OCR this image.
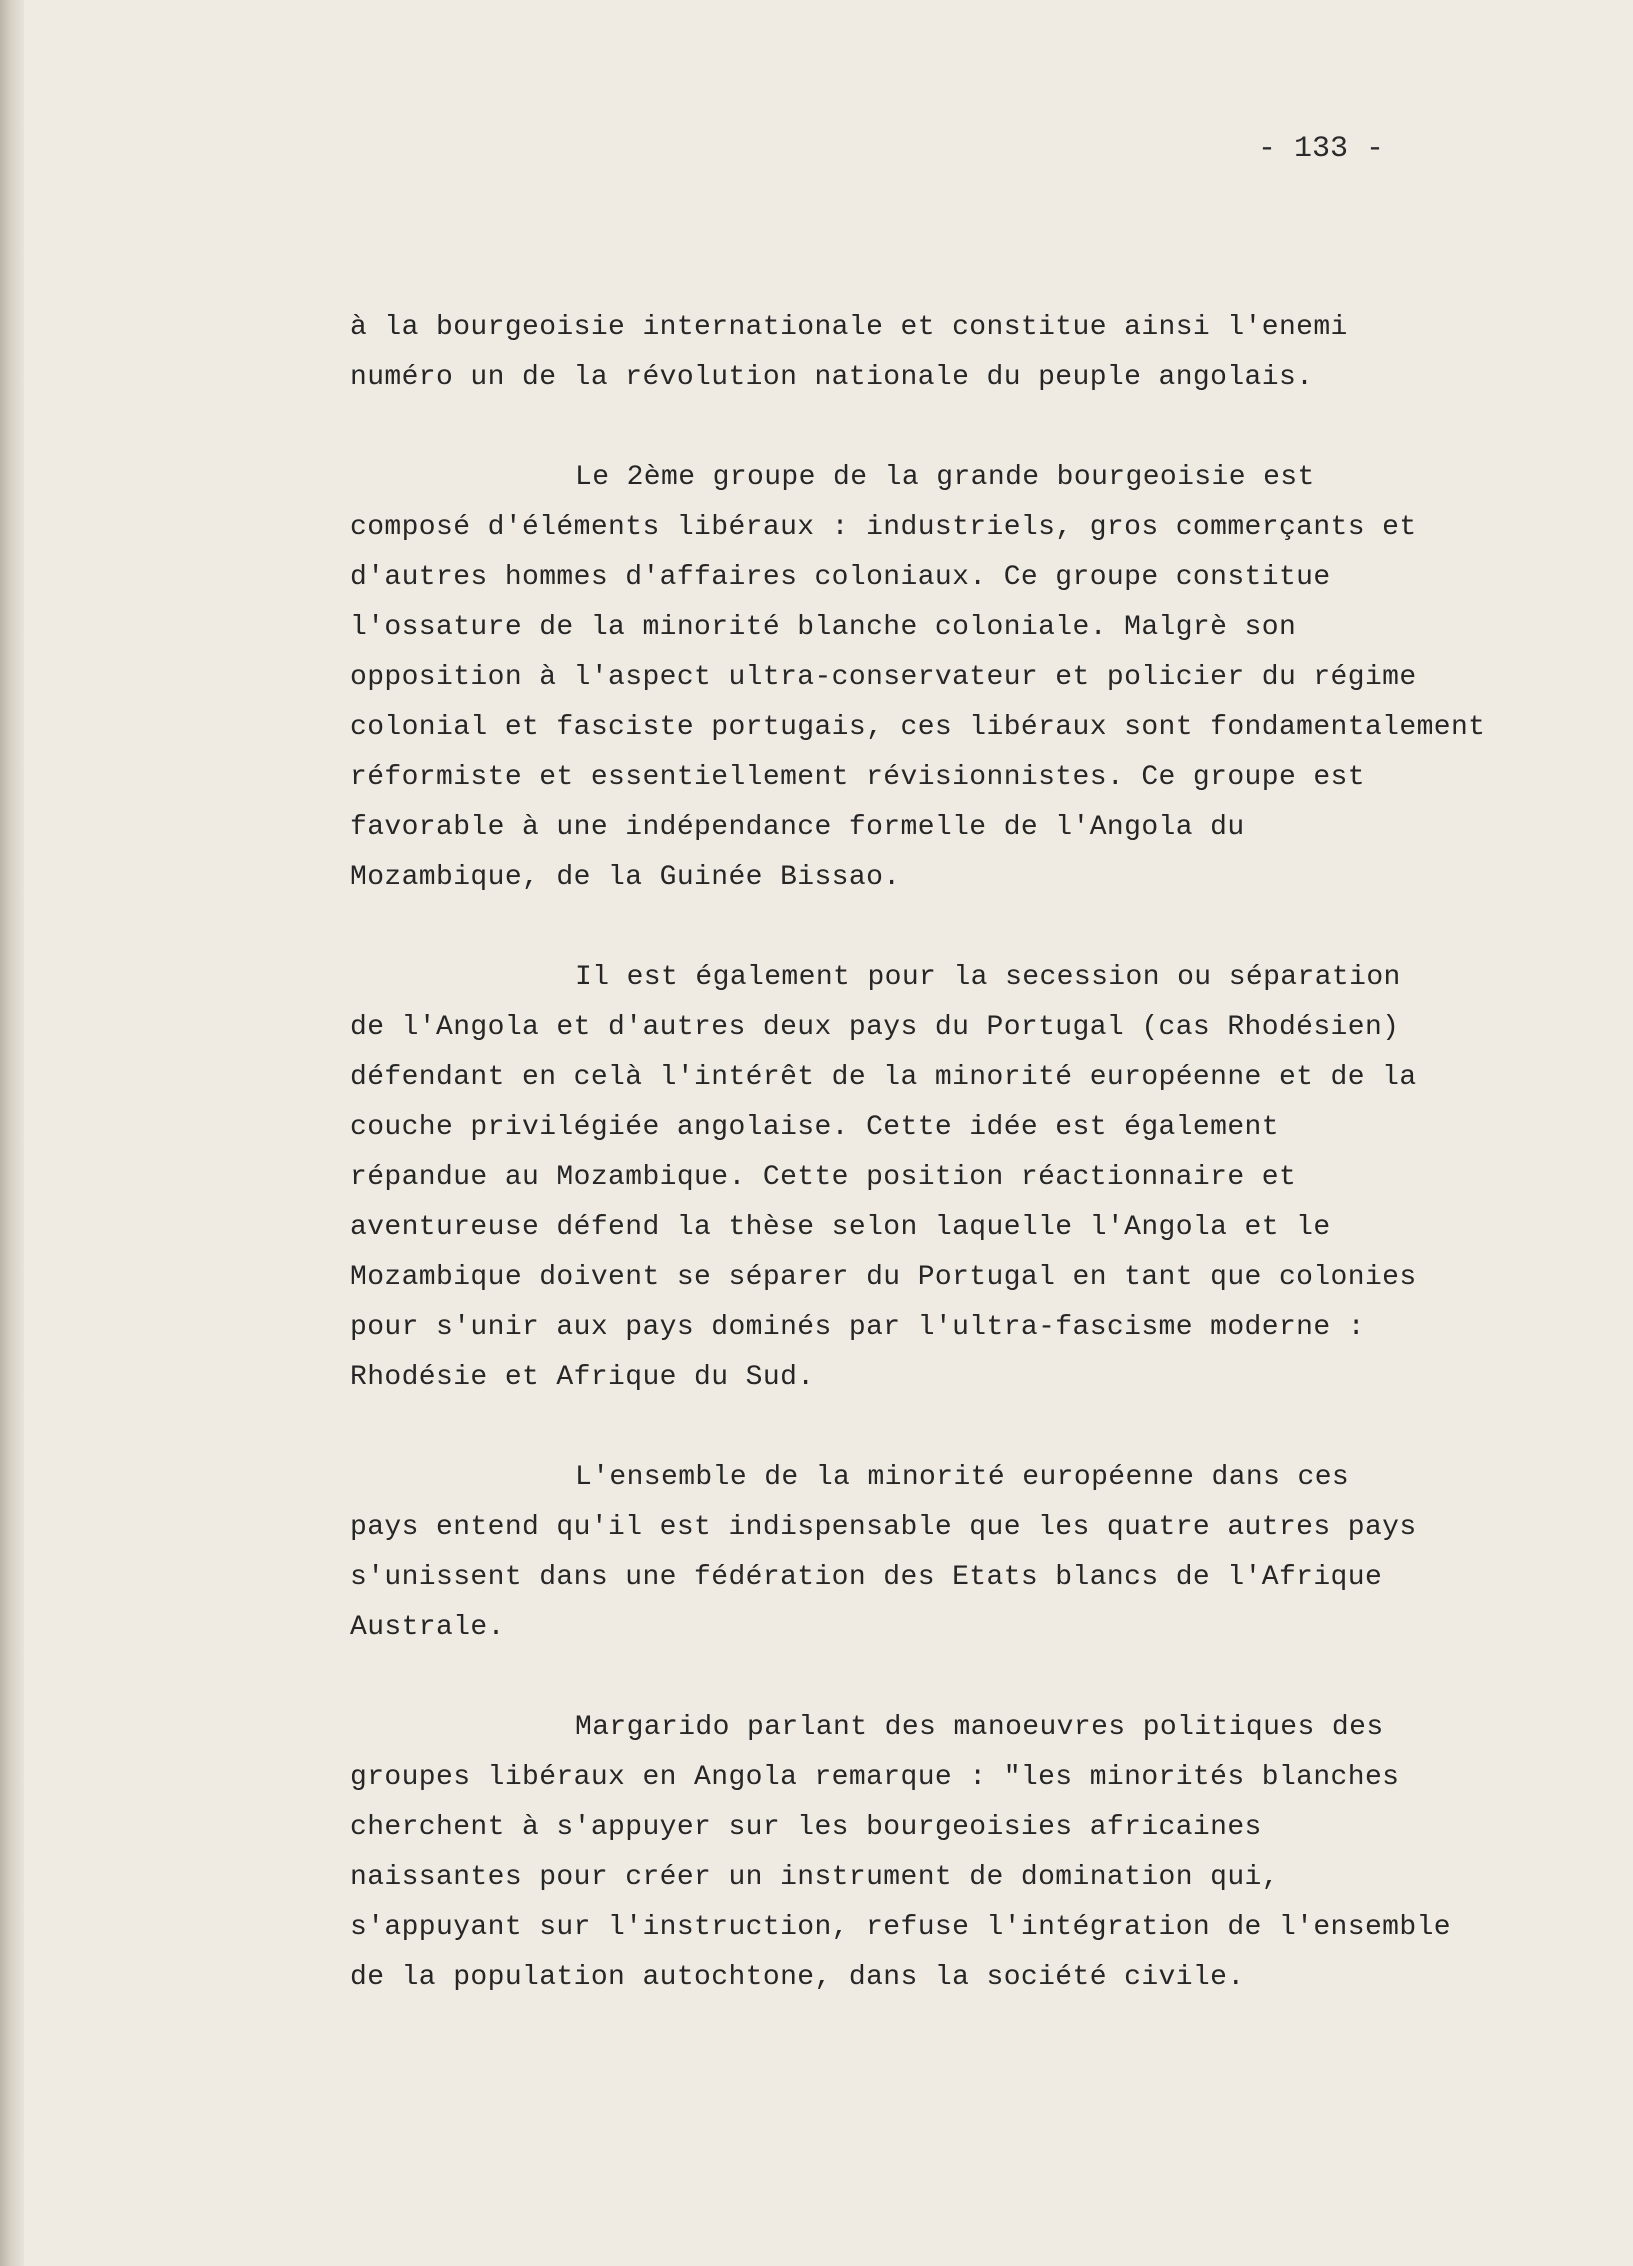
- 133 -
à la bourgeoisie internationale et constitue ainsi l'enemi
numéro un de la révolution nationale du peuple angolais.
Le 2ème groupe de la grande bourgeoisie est
composé d'éléments libéraux : industriels, gros commerçants et
d'autres hommes d'affaires coloniaux. Ce groupe constitue
l'ossature de la minorité blanche coloniale. Malgrè son
opposition à l'aspect ultra-conservateur et policier du régime
colonial et fasciste portugais, ces libéraux sont fondamentalement
réformiste et essentiellement révisionnistes. Ce groupe est
favorable à une indépendance formelle de l'Angola du
Mozambique, de la Guinée Bissao.
Il est également pour la secession ou séparation
de l'Angola et d'autres deux pays du Portugal (cas Rhodésien)
défendant en celà l'intérêt de la minorité européenne et de la
couche privilégiée angolaise. Cette idée est également
répandue au Mozambique. Cette position réactionnaire et
aventureuse défend la thèse selon laquelle l'Angola et le
Mozambique doivent se séparer du Portugal en tant que colonies
pour s'unir aux pays dominés par l'ultra-fascisme moderne :
Rhodésie et Afrique du Sud.
L'ensemble de la minorité européenne dans ces
pays entend qu'il est indispensable que les quatre autres pays
s'unissent dans une fédération des Etats blancs de l'Afrique
Australe.
Margarido parlant des manoeuvres politiques des
groupes libéraux en Angola remarque : "les minorités blanches
cherchent à s'appuyer sur les bourgeoisies africaines
naissantes pour créer un instrument de domination qui,
s'appuyant sur l'instruction, refuse l'intégration de l'ensemble
de la population autochtone, dans la société civile.
